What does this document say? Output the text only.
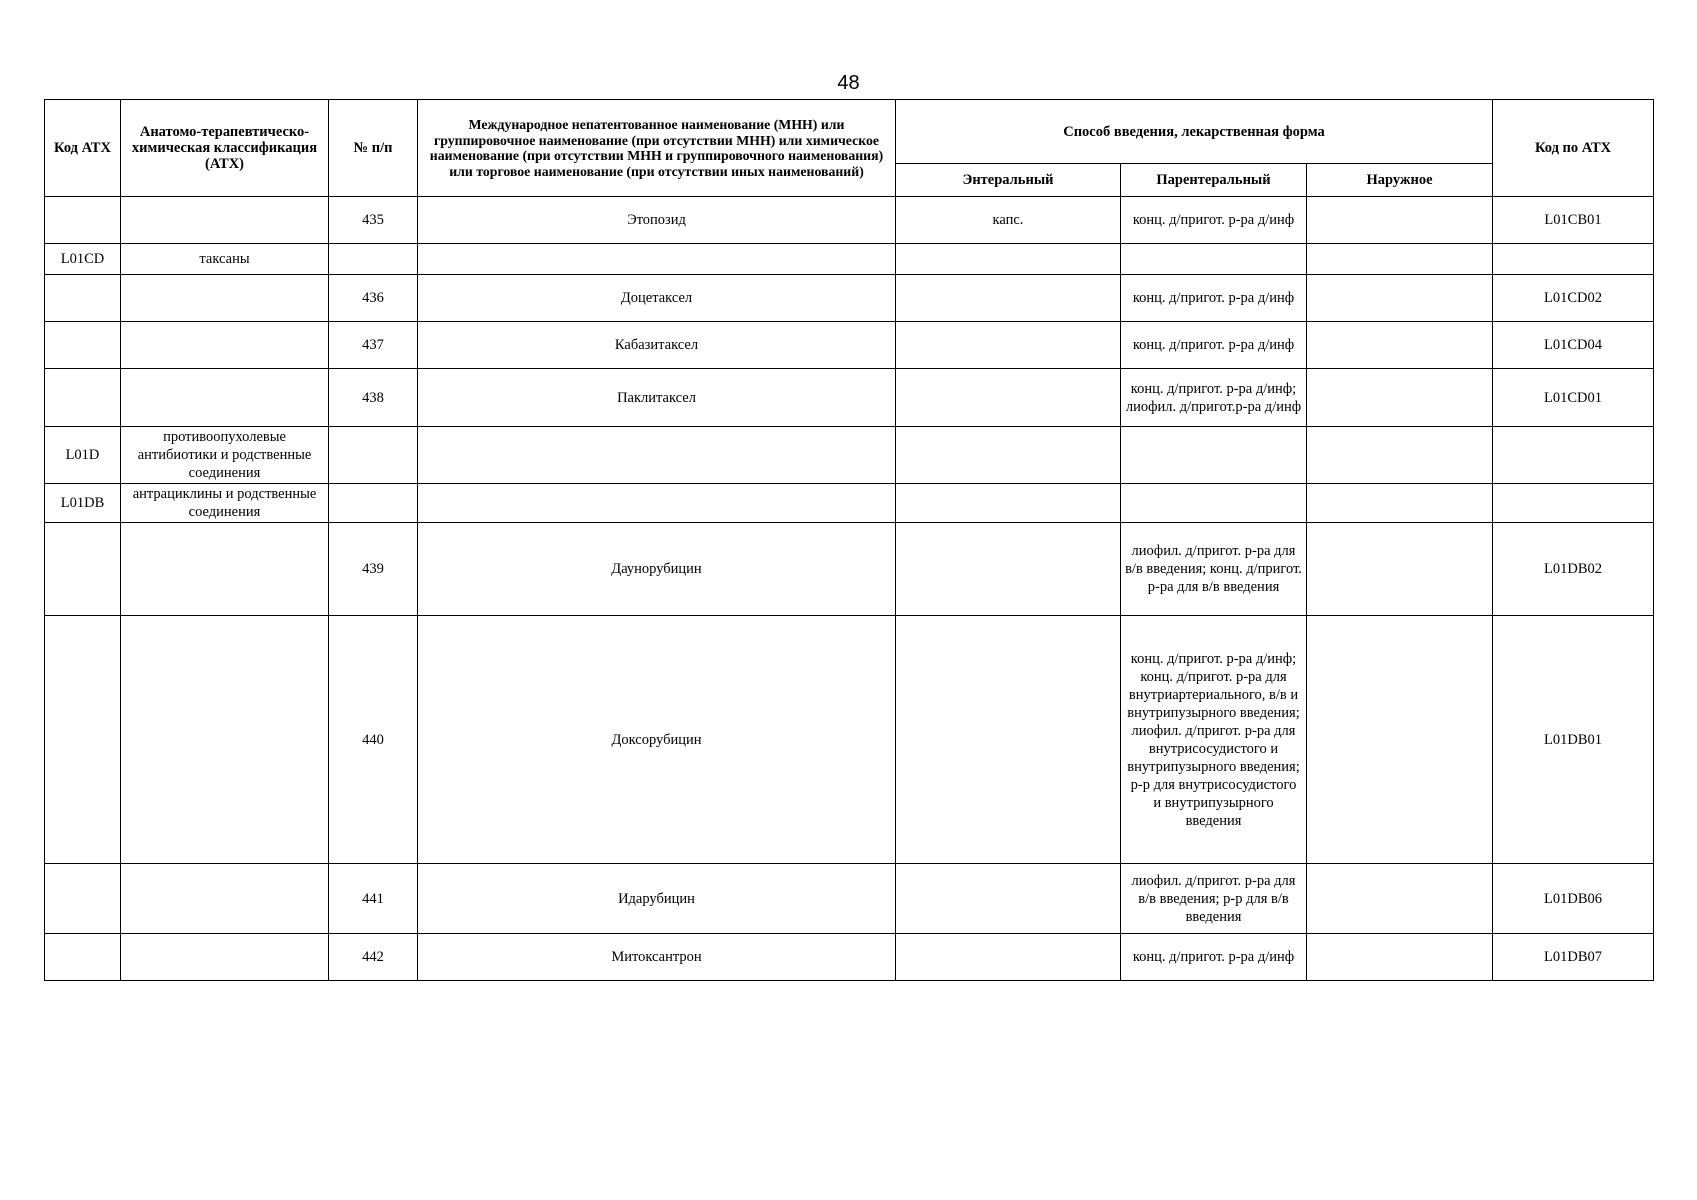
48
Код АТХ	Анатомо-терапевтическо-химическая классификация (АТХ)	№ п/п	Международное непатентованное наименование (МНН) или группировочное наименование (при отсутствии МНН) или химическое наименование (при отсутствии МНН и группировочного наименования) или торговое наименование (при отсутствии иных наименований)	Способ введения, лекарственная форма			Код по АТХ
				Энтеральный	Парентеральный	Наружное	
		435	Этопозид	капс.	конц. д/пригот. р-ра д/инф		L01CB01
L01CD	таксаны						
		436	Доцетаксел		конц. д/пригот. р-ра д/инф		L01CD02
		437	Кабазитаксел		конц. д/пригот. р-ра д/инф		L01CD04
		438	Паклитаксел		конц. д/пригот. р-ра д/инф; лиофил. д/пригот.р-ра д/инф		L01CD01
L01D	противоопухолевые антибиотики и родственные соединения						
L01DB	антрациклины и родственные соединения						
		439	Даунорубицин		лиофил. д/пригот. р-ра для в/в введения; конц. д/пригот. р-ра для в/в введения		L01DB02
		440	Доксорубицин		конц. д/пригот. р-ра д/инф; конц. д/пригот. р-ра для внутриартериального, в/в и внутрипузырного введения; лиофил. д/пригот. р-ра для внутрисосудистого и внутрипузырного введения; р-р для внутрисосудистого и внутрипузырного введения		L01DB01
		441	Идарубицин		лиофил. д/пригот. р-ра для в/в введения; р-р для в/в введения		L01DB06
		442	Митоксантрон		конц. д/пригот. р-ра д/инф		L01DB07
